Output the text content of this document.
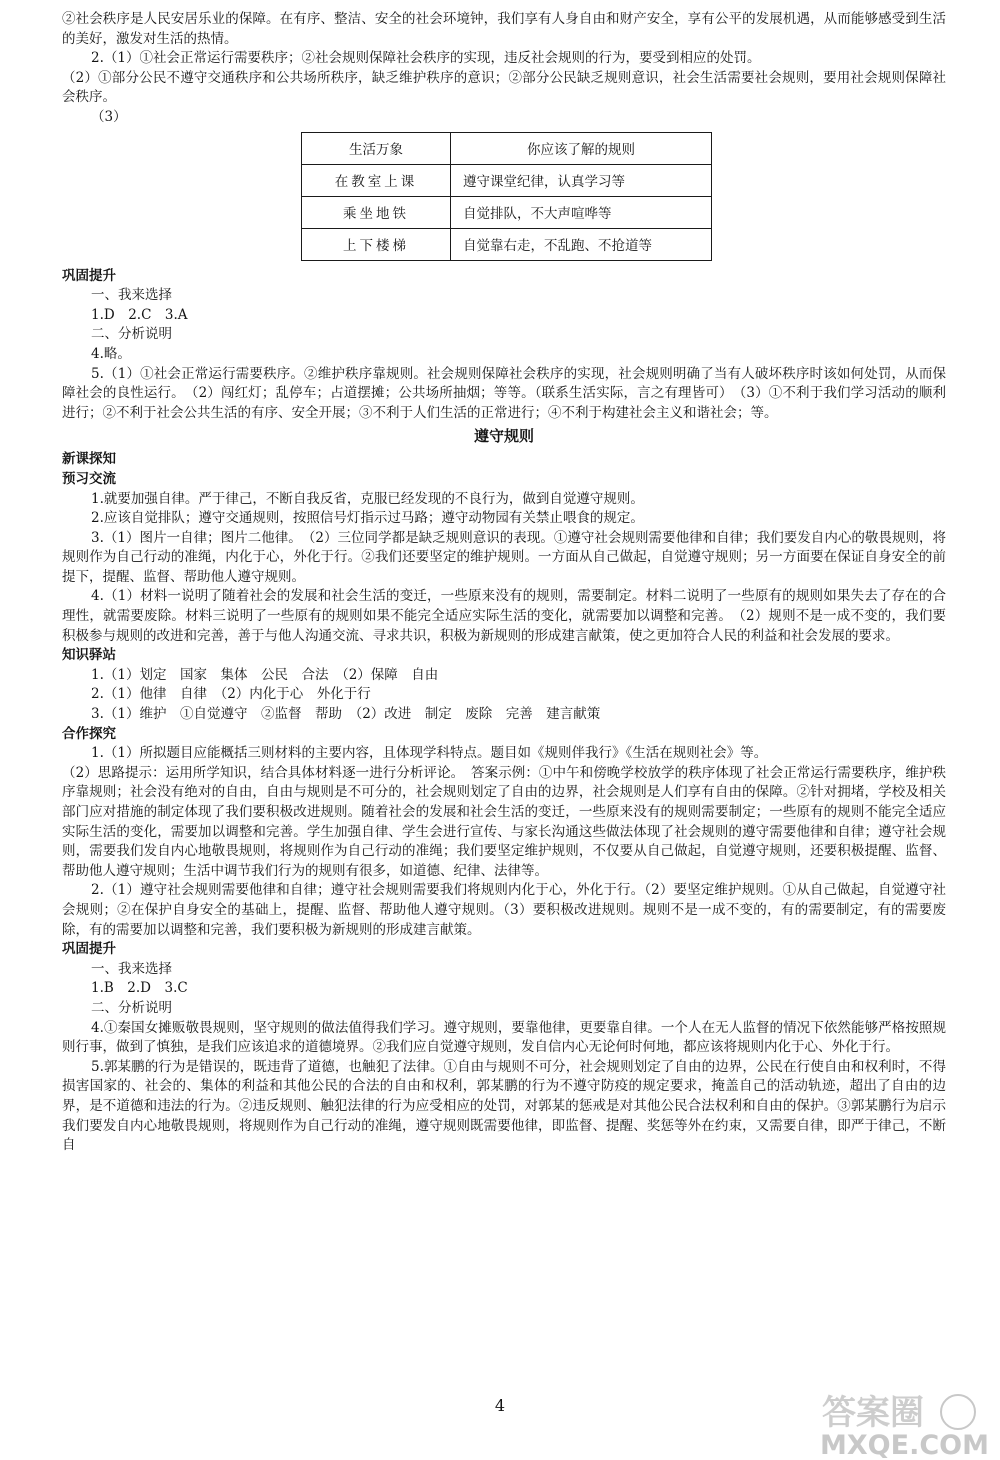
②社会秩序是人民安居乐业的保障。在有序、整洁、安全的社会环境钟，我们享有人身自由和财产安全，享有公平的发展机遇，从而能够感受到生活的美好，激发对生活的热情。

2.（1）①社会正常运行需要秩序；②社会规则保障社会秩序的实现，违反社会规则的行为，要受到相应的处罚。

（2）①部分公民不遵守交通秩序和公共场所秩序，缺乏维护秩序的意识；②部分公民缺乏规则意识，社会生活需要社会规则，要用社会规则保障社会秩序。

（3）

生活万象	你应该了解的规则
在教室上课	遵守课堂纪律，认真学习等
乘坐地铁	自觉排队，不大声喧哗等
上下楼梯	自觉靠右走，不乱跑、不抢道等

巩固提升

一、我来选择

1.D　2.C　3.A

二、分析说明

4.略。

5.（1）①社会正常运行需要秩序。②维护秩序靠规则。社会规则保障社会秩序的实现，社会规则明确了当有人破坏秩序时该如何处罚，从而保障社会的良性运行。　（2）闯红灯；乱停车；占道摆摊；公共场所抽烟；等等。（联系生活实际，言之有理皆可）　（3）①不利于我们学习活动的顺利进行；②不利于社会公共生活的有序、安全开展；③不利于人们生活的正常进行；④不利于构建社会主义和谐社会；等。

遵守规则

新课探知

预习交流

1.就要加强自律。严于律己，不断自我反省，克服已经发现的不良行为，做到自觉遵守规则。

2.应该自觉排队；遵守交通规则，按照信号灯指示过马路；遵守动物园有关禁止喂食的规定。

3.（1）图片一自律；图片二他律。　（2）三位同学都是缺乏规则意识的表现。①遵守社会规则需要他律和自律；我们要发自内心的敬畏规则，将规则作为自己行动的准绳，内化于心，外化于行。②我们还要坚定的维护规则。一方面从自己做起，自觉遵守规则；另一方面要在保证自身安全的前提下，提醒、监督、帮助他人遵守规则。

4.（1）材料一说明了随着社会的发展和社会生活的变迁，一些原来没有的规则，需要制定。材料二说明了一些原有的规则如果失去了存在的合理性，就需要废除。材料三说明了一些原有的规则如果不能完全适应实际生活的变化，就需要加以调整和完善。　（2）规则不是一成不变的，我们要积极参与规则的改进和完善，善于与他人沟通交流、寻求共识，积极为新规则的形成建言献策，使之更加符合人民的利益和社会发展的要求。

知识驿站

1.（1）划定　国家　集体　公民　合法　（2）保障　自由

2.（1）他律　自律　（2）内化于心　外化于行

3.（1）维护　①自觉遵守　②监督　帮助　（2）改进　制定　废除　完善　建言献策

合作探究

1.（1）所拟题目应能概括三则材料的主要内容，且体现学科特点。题目如《规则伴我行》《生活在规则社会》等。

（2）思路提示：运用所学知识，结合具体材料逐一进行分析评论。　答案示例：①中午和傍晚学校放学的秩序体现了社会正常运行需要秩序，维护秩序靠规则；社会没有绝对的自由，自由与规则是不可分的，社会规则划定了自由的边界，社会规则是人们享有自由的保障。②针对拥堵，学校及相关部门应对措施的制定体现了我们要积极改进规则。随着社会的发展和社会生活的变迁，一些原来没有的规则需要制定；一些原有的规则不能完全适应实际生活的变化，需要加以调整和完善。学生加强自律、学生会进行宣传、与家长沟通这些做法体现了社会规则的遵守需要他律和自律；遵守社会规则，需要我们发自内心地敬畏规则，将规则作为自己行动的准绳；我们要坚定维护规则，不仅要从自己做起，自觉遵守规则，还要积极提醒、监督、帮助他人遵守规则；生活中调节我们行为的规则有很多，如道德、纪律、法律等。

2.（1）遵守社会规则需要他律和自律；遵守社会规则需要我们将规则内化于心，外化于行。（2）要坚定维护规则。①从自己做起，自觉遵守社会规则；②在保护自身安全的基础上，提醒、监督、帮助他人遵守规则。（3）要积极改进规则。规则不是一成不变的，有的需要制定，有的需要废除，有的需要加以调整和完善，我们要积极为新规则的形成建言献策。

巩固提升

一、我来选择

1.B　2.D　3.C

二、分析说明

4.①秦国女摊贩敬畏规则，坚守规则的做法值得我们学习。遵守规则，要靠他律，更要靠自律。一个人在无人监督的情况下依然能够严格按照规则行事，做到了慎独，是我们应该追求的道德境界。②我们应自觉遵守规则，发自信内心无论何时何地，都应该将规则内化于心、外化于行。

5.郭某鹏的行为是错误的，既违背了道德，也触犯了法律。①自由与规则不可分，社会规则划定了自由的边界，公民在行使自由和权利时，不得损害国家的、社会的、集体的利益和其他公民的合法的自由和权利，郭某鹏的行为不遵守防疫的规定要求，掩盖自己的活动轨迹，超出了自由的边界，是不道德和违法的行为。②违反规则、触犯法律的行为应受相应的处罚，对郭某的惩戒是对其他公民合法权利和自由的保护。③郭某鹏行为启示我们要发自内心地敬畏规则，将规则作为自己行动的准绳，遵守规则既需要他律，即监督、提醒、奖惩等外在约束，又需要自律，即严于律己，不断自

4	答案圈
MXQE.COM
